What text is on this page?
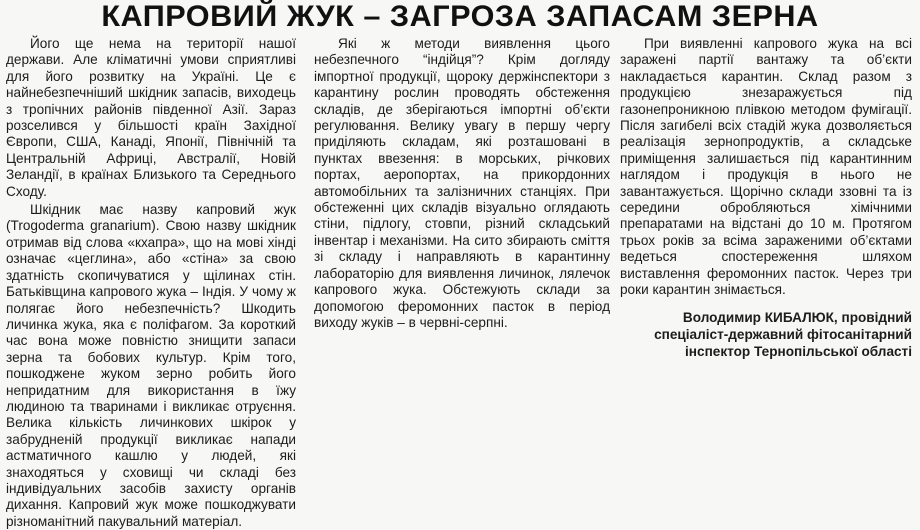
КАПРОВИЙ ЖУК – ЗАГРОЗА ЗАПАСАМ ЗЕРНА

Його ще нема на території нашої держави. Але кліматичні умови сприятливі для його розвитку на Україні. Це є найнебезпечніший шкідник запасів, виходець з тропічних районів південної Азії. Зараз розселився у більшості країн Західної Європи, США, Канаді, Японії, Північній та Центральній Африці, Австралії, Новій Зеландії, в країнах Близького та Середнього Сходу.

Шкідник має назву капровий жук (Trogoderma granarium). Свою назву шкідник отримав від слова «кхапра», що на мові хінді означає «цеглина», або «стіна» за свою здатність скопичуватися у щілинах стін. Батьківщина капрового жука – Індія. У чому ж полягає його небезпечність? Шкодить личинка жука, яка є поліфагом. За короткий час вона може повністю знищити запаси зерна та бобових культур. Крім того, пошкоджене жуком зерно робить його непридатним для використання в їжу людиною та тваринами і викликає отруєння. Велика кількість личинкових шкірок у забрудненій продукції викликає напади астматичного кашлю у людей, які знаходяться у сховищі чи складі без індивідуальних засобів захисту органів дихання. Капровий жук може пошкоджувати різноманітний пакувальний матеріал.

Які ж методи виявлення цього небезпечного “індійця”? Крім догляду імпортної продукції, щороку держінспектори з карантину рослин проводять обстеження складів, де зберігаються імпортні об’єкти регулювання. Велику увагу в першу чергу приділяють складам, які розташовані в пунктах ввезення: в морських, річкових портах, аеропортах, на прикордонних автомобільних та залізничних станціях. При обстеженні цих складів візуально оглядають стіни, підлогу, стовпи, різний складський інвентар і механізми. На сито збирають сміття зі складу і направляють в карантинну лабораторію для виявлення личинок, лялечок капрового жука. Обстежують склади за допомогою феромонних пасток в період виходу жуків – в червні-серпні.

При виявленні капрового жука на всі заражені партії вантажу та об’єкти накладається карантин. Склад разом з продукцією знезаражується під газонепроникною плівкою методом фумігації. Після загибелі всіх стадій жука дозволяється реалізація зернопродуктів, а складське приміщення залишається під карантинним наглядом і продукція в нього не завантажується. Щорічно склади ззовні та із середини обробляються хімічними препаратами на відстані до 10 м. Протягом трьох років за всіма зараженими об’єктами ведеться спостереження шляхом виставлення феромонних пасток. Через три роки карантин знімається.

Володимир КИБАЛЮК, провідний спеціаліст-державний фітосанітарний інспектор Тернопільської області
